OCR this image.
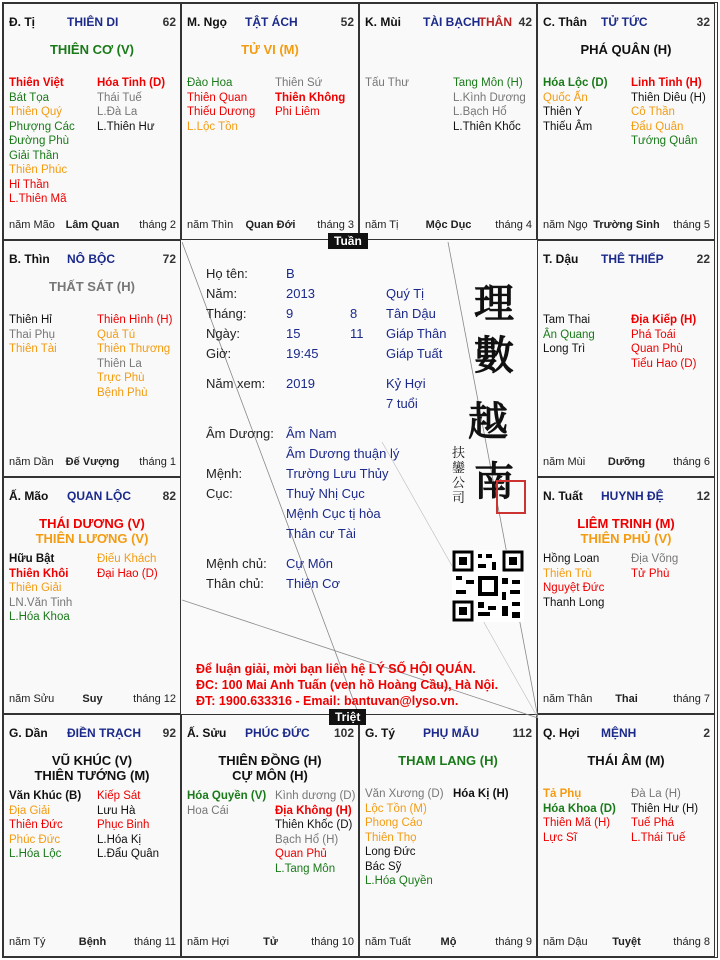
Đ. Tị	THIÊN DI	62
THIÊN CƠ (V)
Thiên Việt
Bát Tọa
Thiên Quý
Phượng Các
Đường Phù
Giải Thần
Thiên Phúc
Hỉ Thần
L.Thiên Mã
Hóa Tinh (D)
Thái Tuế
L.Đà La
L.Thiên Hư
năm Mão Lâm Quan	tháng 2
M. Ngọ TẬT ÁCH	52
TỬ VI (M)
Đào Hoa
Thiên Quan
Thiếu Dương
L.Lộc Tồn
Thiên Sứ
Thiên Không
Phi Liêm
năm Thìn	Quan Đới	tháng 3
K. Mùi TÀI BẠCH
THÂN 42
Tấu Thư	Tang Môn (H)
L.Kình Dương
L.Bạch Hổ
L.Thiên Khốc
năm Tị	Mộc Dục	tháng 4
C. Thân TỬ TỨC	32
PHÁ QUÂN (H)
Hóa Lộc (D)
Quốc Ấn
Thiên Y
Thiếu Âm
Linh Tinh (H)
Thiên Diêu (H)
Cô Thần
Đẩu Quân
Tướng Quân
năm Ngọ Trường Sinh	tháng 5
B. Thìn NÔ BỘC	72
THẤT SÁT (H)
Thiên Hỉ
Thai Phụ
Thiên Tài
Thiên Hình (H)
Quả Tú
Thiên Thương
Thiên La
Trực Phù
Bệnh Phù
năm Dần	Đế Vượng	tháng 1
T. Dậu THÊ THIẾP	22
Tam Thai
Ân Quang
Long Trì
Địa Kiếp (H)
Phá Toái
Quan Phù
Tiểu Hao (D)
năm Mùi	Dưỡng	tháng 6
Ấ. Mão QUAN LỘC	82
THÁI DƯƠNG (V)
THIÊN LƯƠNG (V)
Hữu Bật
Thiên Khôi
Thiên Giải
LN.Văn Tinh
L.Hóa Khoa
Điếu Khách
Đại Hao (D)
năm Sửu	Suy	tháng 12
N. Tuất HUYNH ĐỆ	12
LIÊM TRINH (M)
THIÊN PHỦ (V)
Hồng Loan
Thiên Trù
Nguyệt Đức
Thanh Long
Địa Võng
Tử Phù
năm Thân	Thai	tháng 7
G. Dần ĐIỀN TRẠCH 92
VŨ KHÚC (V)
THIÊN TƯỚNG (M)
Văn Khúc (B)
Địa Giải
Thiên Đức
Phúc Đức
L.Hóa Lộc
Kiếp Sát
Lưu Hà
Phục Binh
L.Hóa Kị
L.Đẩu Quân
năm Tý	Bệnh	tháng 11
Ấ. Sửu PHÚC ĐỨC 102
THIÊN ĐỒNG (H)
CỰ MÔN (H)
Hóa Quyền (V)
Hoa Cái
Kình dương (D)
Địa Không (H)
Thiên Khốc (D)
Bạch Hổ (H)
Quan Phủ
L.Tang Môn
năm Hợi	Tử	tháng 10
G. Tý PHỤ MẪU	112
THAM LANG (H)
Văn Xương (D)
Lộc Tồn (M)
Phong Cáo
Thiên Thọ
Long Đức
Bác Sỹ
L.Hóa Quyền
Hóa Kị (H)
năm Tuất	Mộ	tháng 9
Q. Hợi MỆNH	2
THÁI ÂM (M)
Tả Phụ
Hóa Khoa (D)
Thiên Mã (H)
Lực Sĩ
Đà La (H)
Thiên Hư (H)
Tuế Phá
L.Thái Tuế
năm Dậu	Tuyệt	tháng 8
Họ tên:	B
Năm:	2013	Quý Tị
Tháng:	9	8 Tân Dậu
Ngày:	15	11 Giáp Thân
Giờ:	19:45	Giáp Tuất
Năm xem: 2019	Kỷ Hợi
7 tuổi
Âm Dương: Âm Nam
Âm Dương thuận lý
Mệnh:	Trường Lưu Thủy
Cục:	Thuỷ Nhị Cục
Mệnh Cục tị hòa
Thân cư Tài
Mệnh chủ: Cự Môn
Thân chủ: Thiên Cơ
理
數
越
南
扶鑾公司
Để luận giải, mời bạn liên hệ LÝ SỐ HỘI QUÁN.
ĐC: 100 Mai Anh Tuấn (ven hồ Hoàng Cầu), Hà Nội.
ĐT: 1900.633316 - Email: bantuvan@lyso.vn.
Tuần
Triệt
